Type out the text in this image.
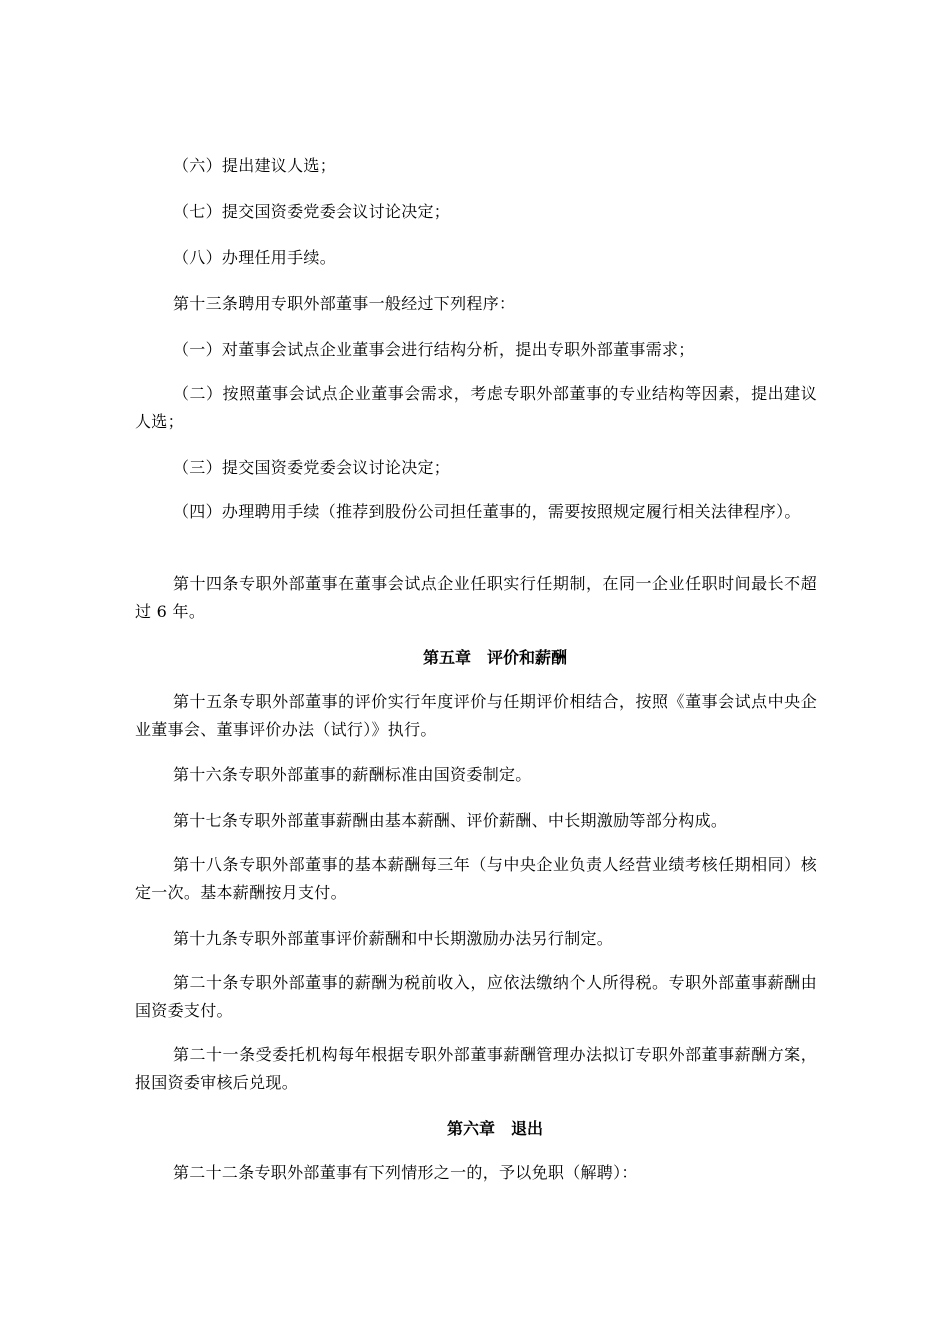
（六）提出建议人选；

（七）提交国资委党委会议讨论决定；

（八）办理任用手续。

第十三条聘用专职外部董事一般经过下列程序：

（一）对董事会试点企业董事会进行结构分析，提出专职外部董事需求；

（二）按照董事会试点企业董事会需求，考虑专职外部董事的专业结构等因素，提出建议人选；

（三）提交国资委党委会议讨论决定；

（四）办理聘用手续（推荐到股份公司担任董事的，需要按照规定履行相关法律程序）。

第十四条专职外部董事在董事会试点企业任职实行任期制，在同一企业任职时间最长不超过 6 年。

第五章　评价和薪酬

第十五条专职外部董事的评价实行年度评价与任期评价相结合，按照《董事会试点中央企业董事会、董事评价办法（试行）》执行。

第十六条专职外部董事的薪酬标准由国资委制定。

第十七条专职外部董事薪酬由基本薪酬、评价薪酬、中长期激励等部分构成。

第十八条专职外部董事的基本薪酬每三年（与中央企业负责人经营业绩考核任期相同）核定一次。基本薪酬按月支付。

第十九条专职外部董事评价薪酬和中长期激励办法另行制定。

第二十条专职外部董事的薪酬为税前收入，应依法缴纳个人所得税。专职外部董事薪酬由国资委支付。

第二十一条受委托机构每年根据专职外部董事薪酬管理办法拟订专职外部董事薪酬方案，报国资委审核后兑现。

第六章　退出

第二十二条专职外部董事有下列情形之一的，予以免职（解聘）：
